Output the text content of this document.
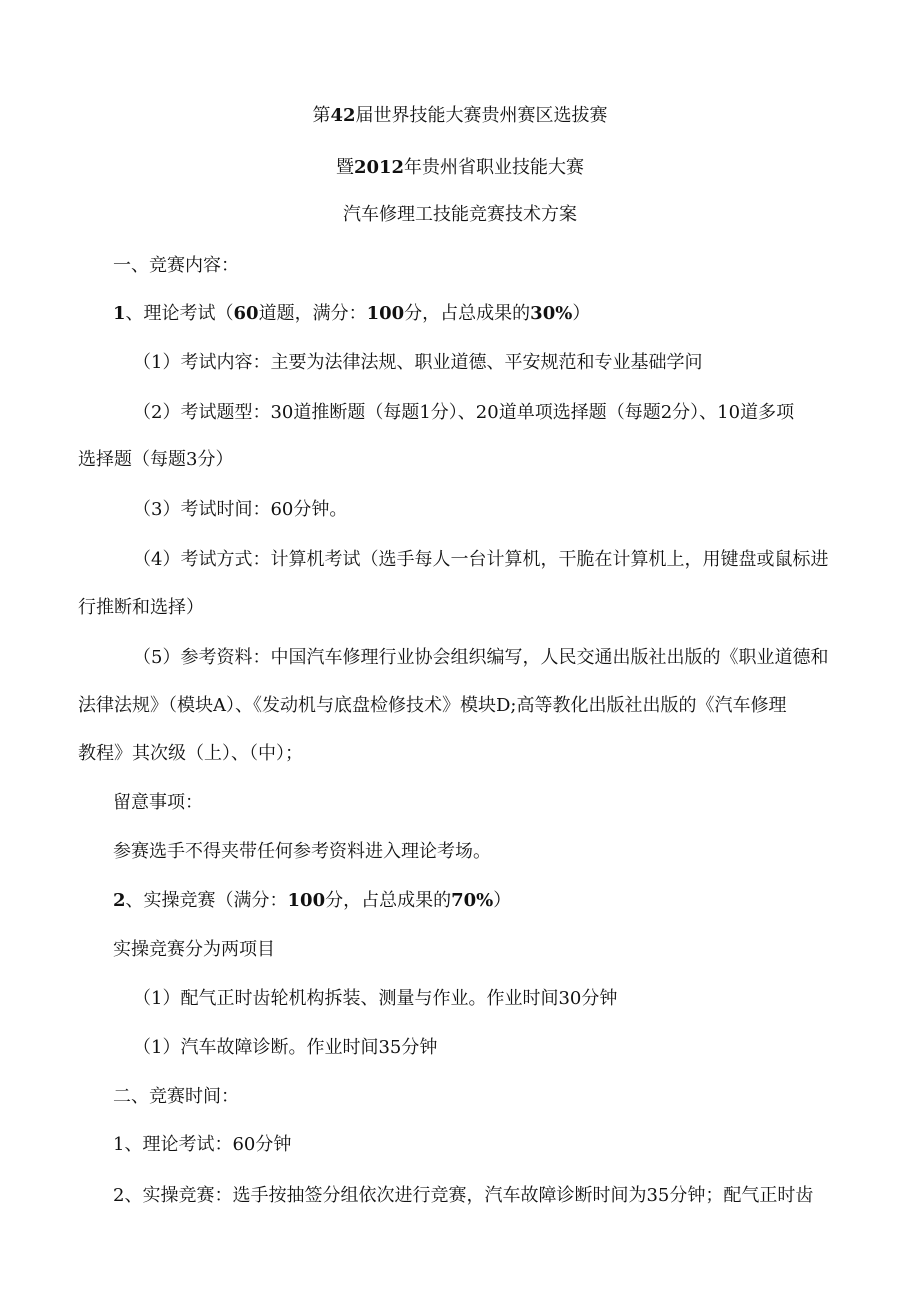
第42届世界技能大赛贵州赛区选拔赛

暨2012年贵州省职业技能大赛

汽车修理工技能竞赛技术方案

一、竞赛内容：

1、理论考试（60道题，满分：100分，占总成果的30%）

（1）考试内容：主要为法律法规、职业道德、平安规范和专业基础学问

（2）考试题型：30道推断题（每题1分）、20道单项选择题（每题2分）、10道多项

选择题（每题3分）

（3）考试时间：60分钟。

（4）考试方式：计算机考试（选手每人一台计算机，干脆在计算机上，用键盘或鼠标进

行推断和选择）

（5）参考资料：中国汽车修理行业协会组织编写，人民交通出版社出版的《职业道德和

法律法规》（模块A）、《发动机与底盘检修技术》模块D;高等教化出版社出版的《汽车修理

教程》其次级（上）、（中）；

留意事项：

参赛选手不得夹带任何参考资料进入理论考场。

2、实操竞赛（满分：100分，占总成果的70%）

实操竞赛分为两项目

（1）配气正时齿轮机构拆装、测量与作业。作业时间30分钟

（1）汽车故障诊断。作业时间35分钟

二、竞赛时间：

1、理论考试：60分钟

2、实操竞赛：选手按抽签分组依次进行竞赛，汽车故障诊断时间为35分钟；配气正时齿
